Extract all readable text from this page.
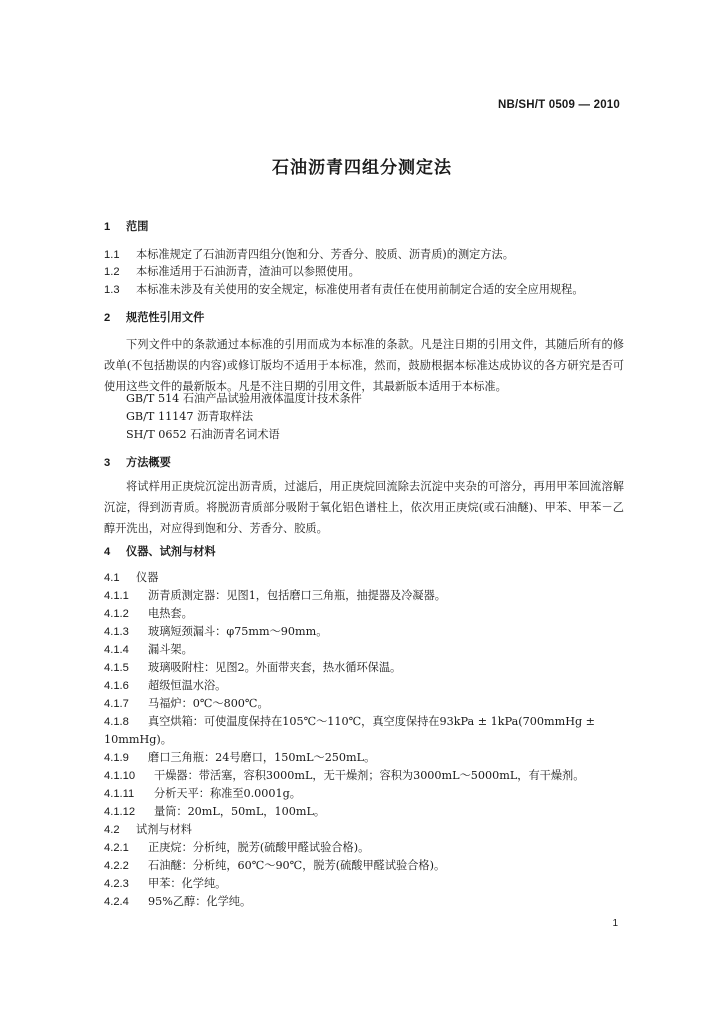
NB/SH/T 0509 — 2010
石油沥青四组分测定法
1 范围
1.1 本标准规定了石油沥青四组分(饱和分、芳香分、胶质、沥青质)的测定方法。
1.2 本标准适用于石油沥青，渣油可以参照使用。
1.3 本标准未涉及有关使用的安全规定，标准使用者有责任在使用前制定合适的安全应用规程。
2 规范性引用文件
下列文件中的条款通过本标准的引用而成为本标准的条款。凡是注日期的引用文件，其随后所有的修改单(不包括勘误的内容)或修订版均不适用于本标准，然而，鼓励根据本标准达成协议的各方研究是否可使用这些文件的最新版本。凡是不注日期的引用文件，其最新版本适用于本标准。
GB/T 514 石油产品试验用液体温度计技术条件
GB/T 11147 沥青取样法
SH/T 0652 石油沥青名词术语
3 方法概要
将试样用正庚烷沉淀出沥青质，过滤后，用正庚烷回流除去沉淀中夹杂的可溶分，再用甲苯回流溶解沉淀，得到沥青质。将脱沥青质部分吸附于氧化铝色谱柱上，依次用正庚烷(或石油醚)、甲苯、甲苯－乙醇开洗出，对应得到饱和分、芳香分、胶质。
4 仪器、试剂与材料
4.1 仪器
4.1.1 沥青质测定器：见图1，包括磨口三角瓶，抽提器及冷凝器。
4.1.2 电热套。
4.1.3 玻璃短颈漏斗：φ75mm～90mm。
4.1.4 漏斗架。
4.1.5 玻璃吸附柱：见图2。外面带夹套，热水循环保温。
4.1.6 超级恒温水浴。
4.1.7 马福炉：0℃～800℃。
4.1.8 真空烘箱：可使温度保持在105℃～110℃，真空度保持在93kPa ± 1kPa(700mmHg ±
10mmHg)。
4.1.9 磨口三角瓶：24号磨口，150mL～250mL。
4.1.10 干燥器：带活塞，容积3000mL，无干燥剂；容积为3000mL～5000mL，有干燥剂。
4.1.11 分析天平：称准至0.0001g。
4.1.12 量筒：20mL，50mL，100mL。
4.2 试剂与材料
4.2.1 正庚烷：分析纯，脱芳(硫酸甲醛试验合格)。
4.2.2 石油醚：分析纯，60℃～90℃，脱芳(硫酸甲醛试验合格)。
4.2.3 甲苯：化学纯。
4.2.4 95%乙醇：化学纯。
1
